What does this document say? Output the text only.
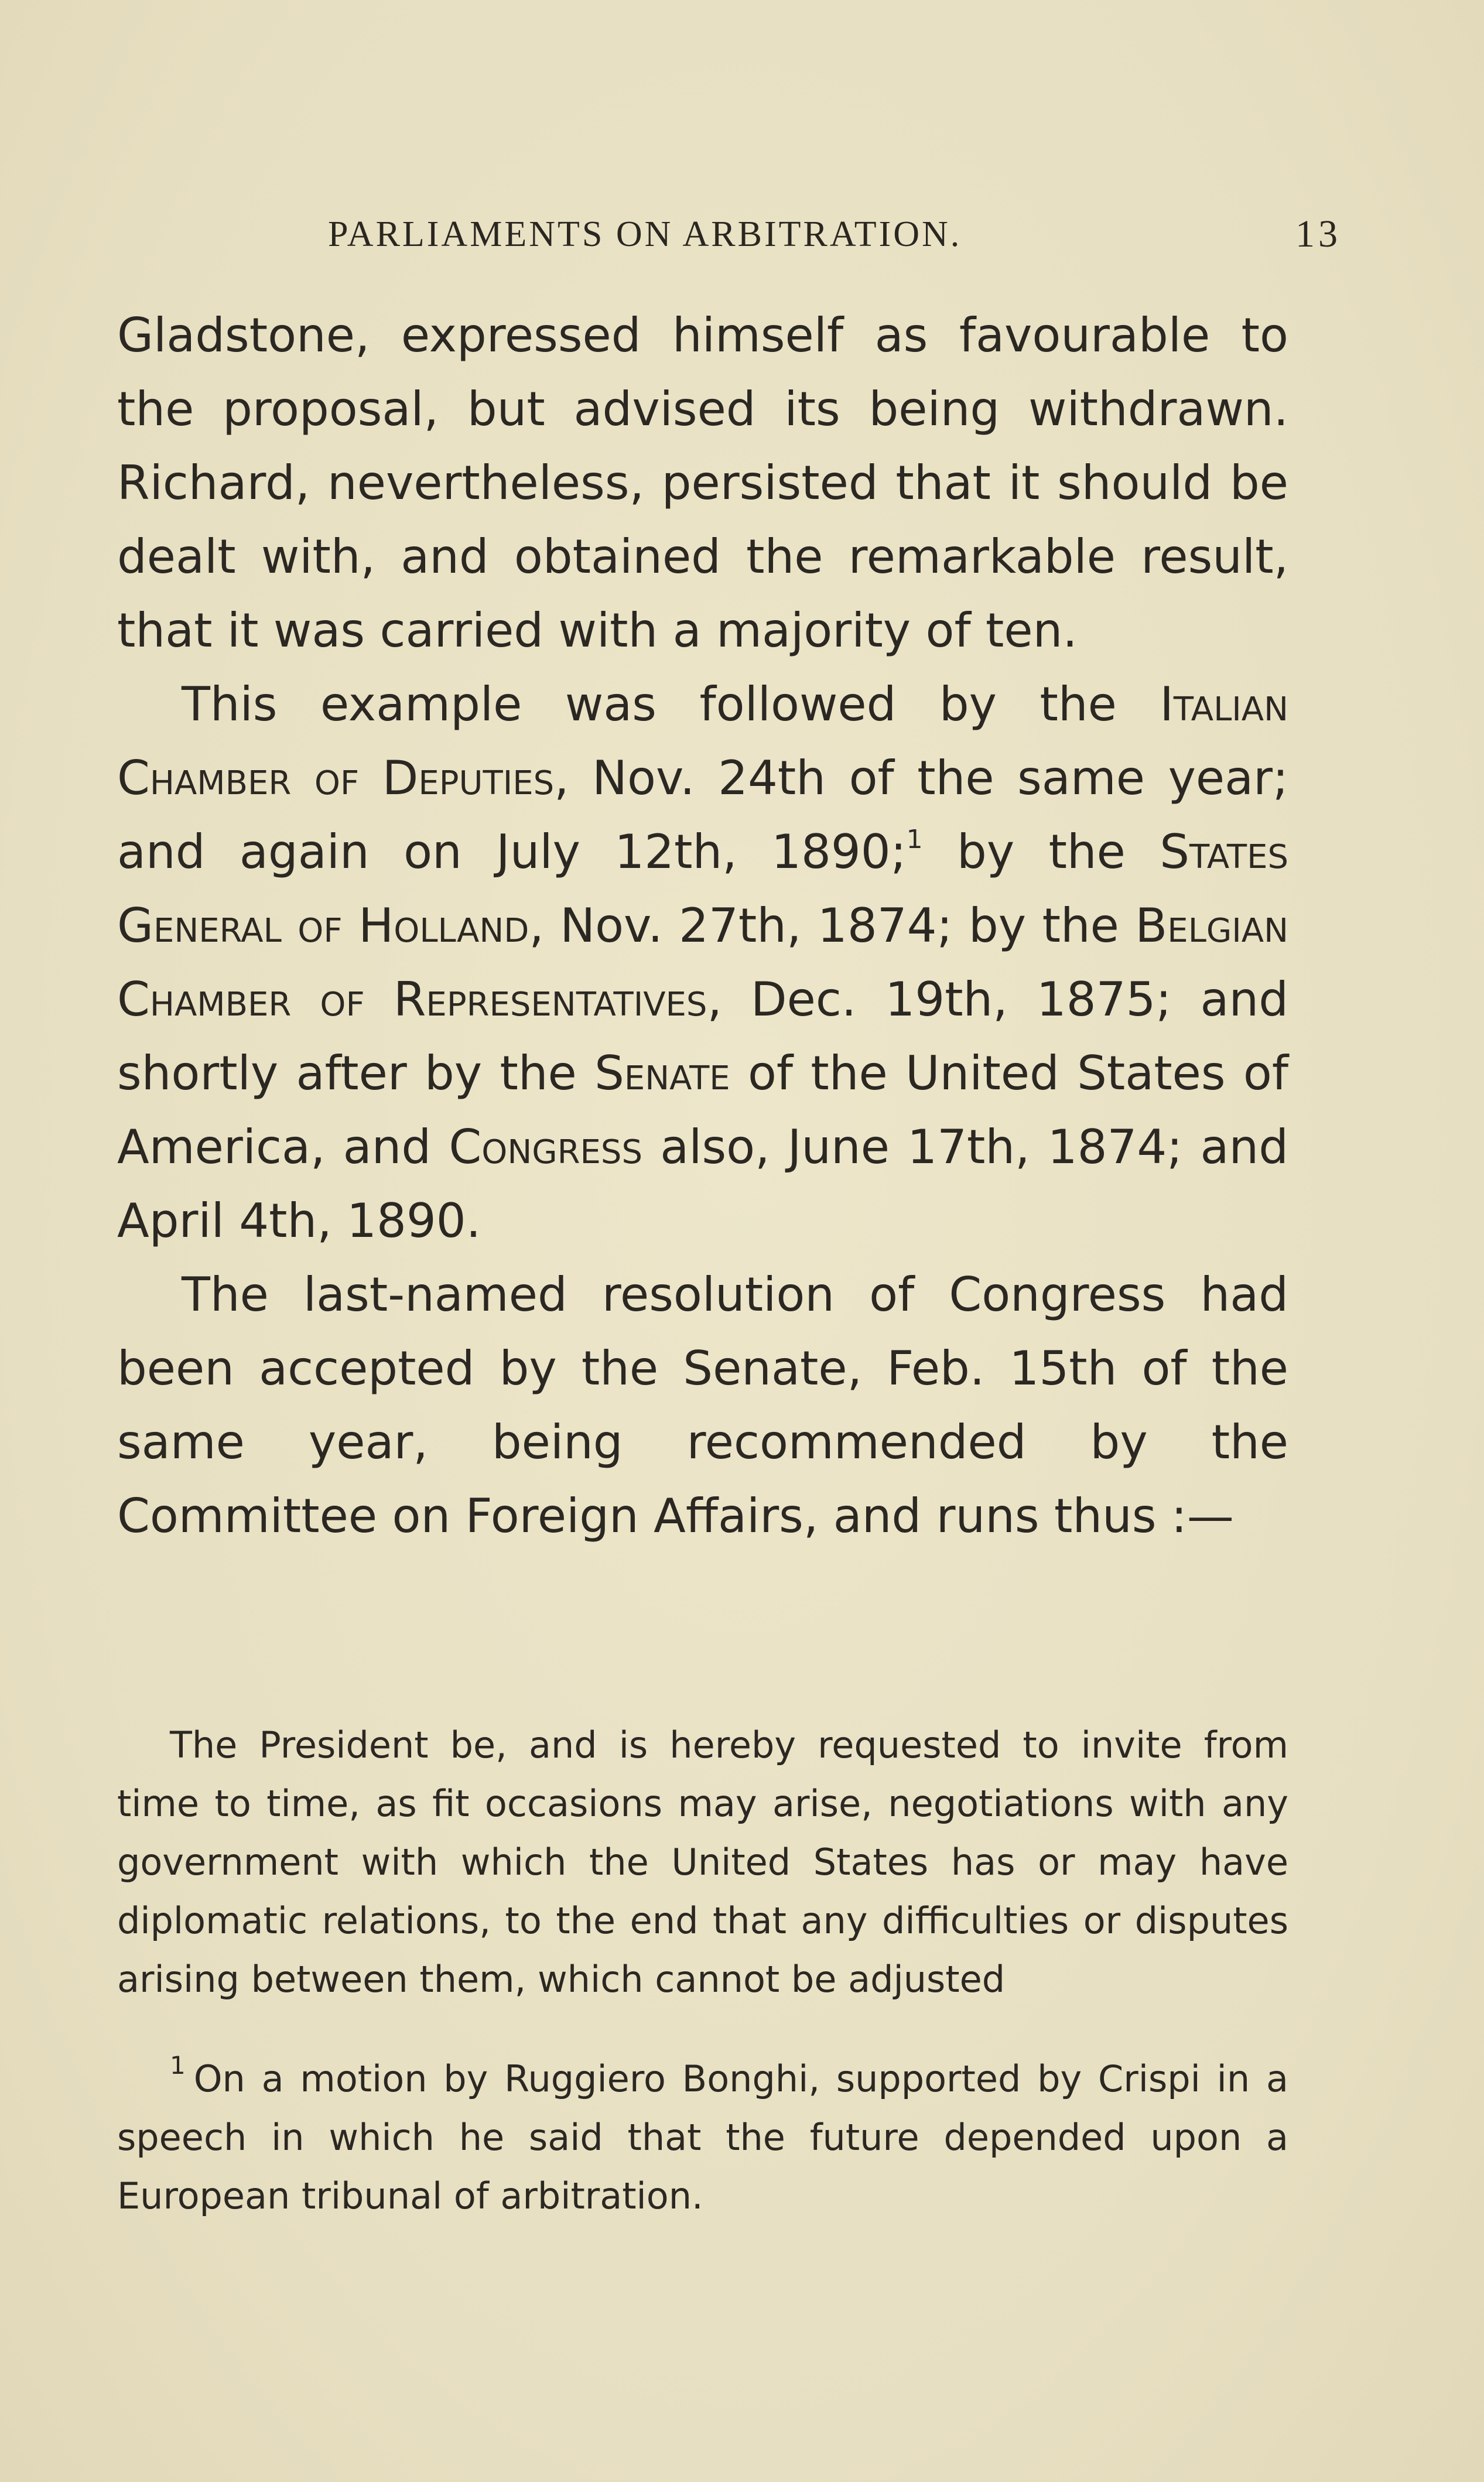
PARLIAMENTS ON ARBITRATION.	13

Gladstone, expressed himself as favourable to the proposal, but advised its being withdrawn. Richard, nevertheless, persisted that it should be dealt with, and obtained the remarkable result, that it was carried with a majority of ten.

This example was followed by the Italian Chamber of Deputies, Nov. 24th of the same year; and again on July 12th, 1890;$^1$ by the States General of Holland, Nov. 27th, 1874; by the Belgian Chamber of Representatives, Dec. 19th, 1875; and shortly after by the Senate of the United States of America, and Congress also, June 17th, 1874; and April 4th, 1890.

The last-named resolution of Congress had been accepted by the Senate, Feb. 15th of the same year, being recommended by the Committee on Foreign Affairs, and runs thus :—

The President be, and is hereby requested to invite from time to time, as fit occasions may arise, negotiations with any government with which the United States has or may have diplomatic relations, to the end that any difficulties or disputes arising between them, which cannot be adjusted

$^1$ On a motion by Ruggiero Bonghi, supported by Crispi in a speech in which he said that the future depended upon a European tribunal of arbitration.
